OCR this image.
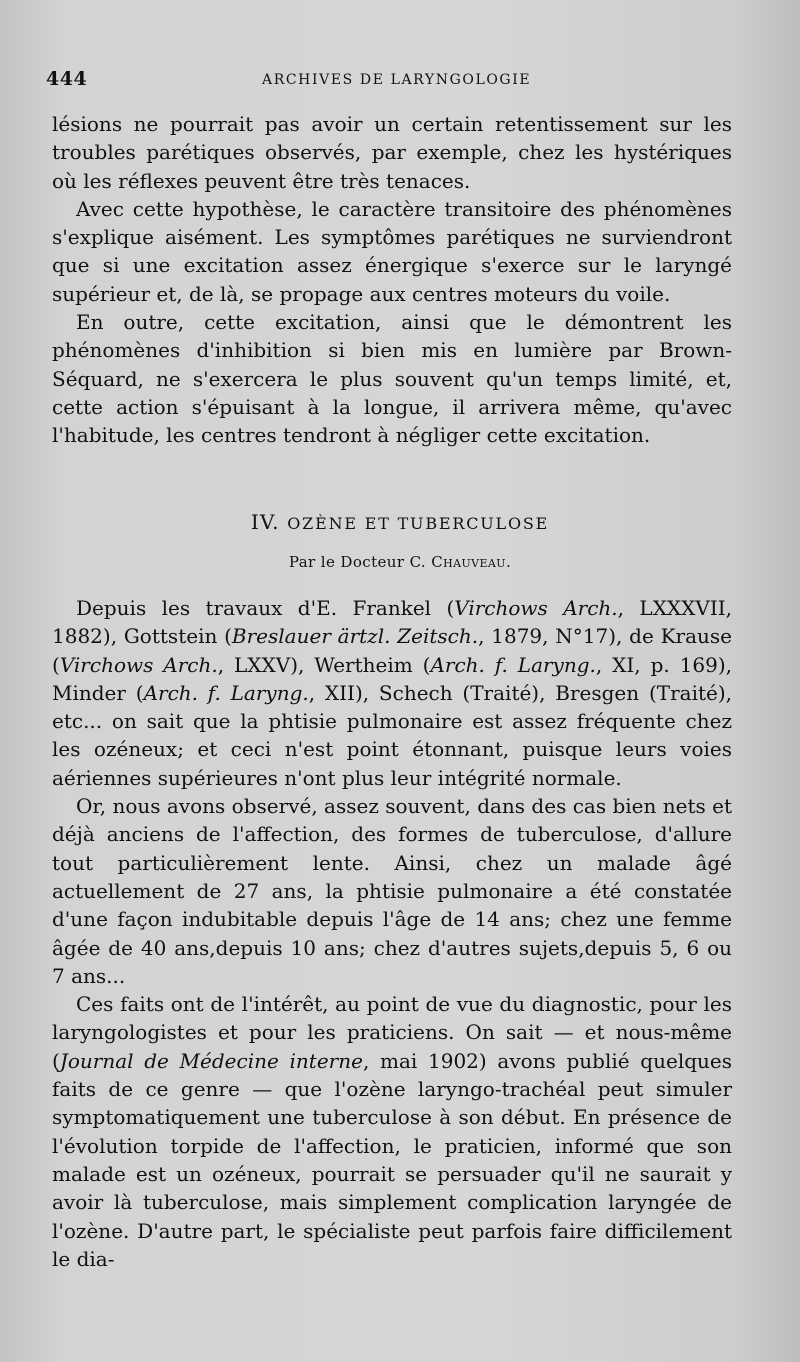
444	ARCHIVES DE LARYNGOLOGIE

lésions ne pourrait pas avoir un certain retentissement sur les troubles parétiques observés, par exemple, chez les hystériques où les réflexes peuvent être très tenaces.

Avec cette hypothèse, le caractère transitoire des phénomènes s'explique aisément. Les symptômes parétiques ne surviendront que si une excitation assez énergique s'exerce sur le laryngé supérieur et, de là, se propage aux centres moteurs du voile.

En outre, cette excitation, ainsi que le démontrent les phénomènes d'inhibition si bien mis en lumière par Brown-Séquard, ne s'exercera le plus souvent qu'un temps limité, et, cette action s'épuisant à la longue, il arrivera même, qu'avec l'habitude, les centres tendront à négliger cette excitation.

IV. OZÈNE ET TUBERCULOSE
Par le Docteur C. Chauveau.

Depuis les travaux d'E. Frankel (Virchows Arch., LXXXVII, 1882), Gottstein (Breslauer ärtzl. Zeitsch., 1879, N°17), de Krause (Virchows Arch., LXXV), Wertheim (Arch. f. Laryng., XI, p. 169), Minder (Arch. f. Laryng., XII), Schech (Traité), Bresgen (Traité), etc... on sait que la phtisie pulmonaire est assez fréquente chez les ozéneux; et ceci n'est point étonnant, puisque leurs voies aériennes supérieures n'ont plus leur intégrité normale.

Or, nous avons observé, assez souvent, dans des cas bien nets et déjà anciens de l'affection, des formes de tuberculose, d'allure tout particulièrement lente. Ainsi, chez un malade âgé actuellement de 27 ans, la phtisie pulmonaire a été constatée d'une façon indubitable depuis l'âge de 14 ans; chez une femme âgée de 40 ans,depuis 10 ans; chez d'autres sujets,depuis 5, 6 ou 7 ans...

Ces faits ont de l'intérêt, au point de vue du diagnostic, pour les laryngologistes et pour les praticiens. On sait — et nous-même (Journal de Médecine interne, mai 1902) avons publié quelques faits de ce genre — que l'ozène laryngo-trachéal peut simuler symptomatiquement une tuberculose à son début. En présence de l'évolution torpide de l'affection, le praticien, informé que son malade est un ozéneux, pourrait se persuader qu'il ne saurait y avoir là tuberculose, mais simplement complication laryngée de l'ozène. D'autre part, le spécialiste peut parfois faire difficilement le dia-
